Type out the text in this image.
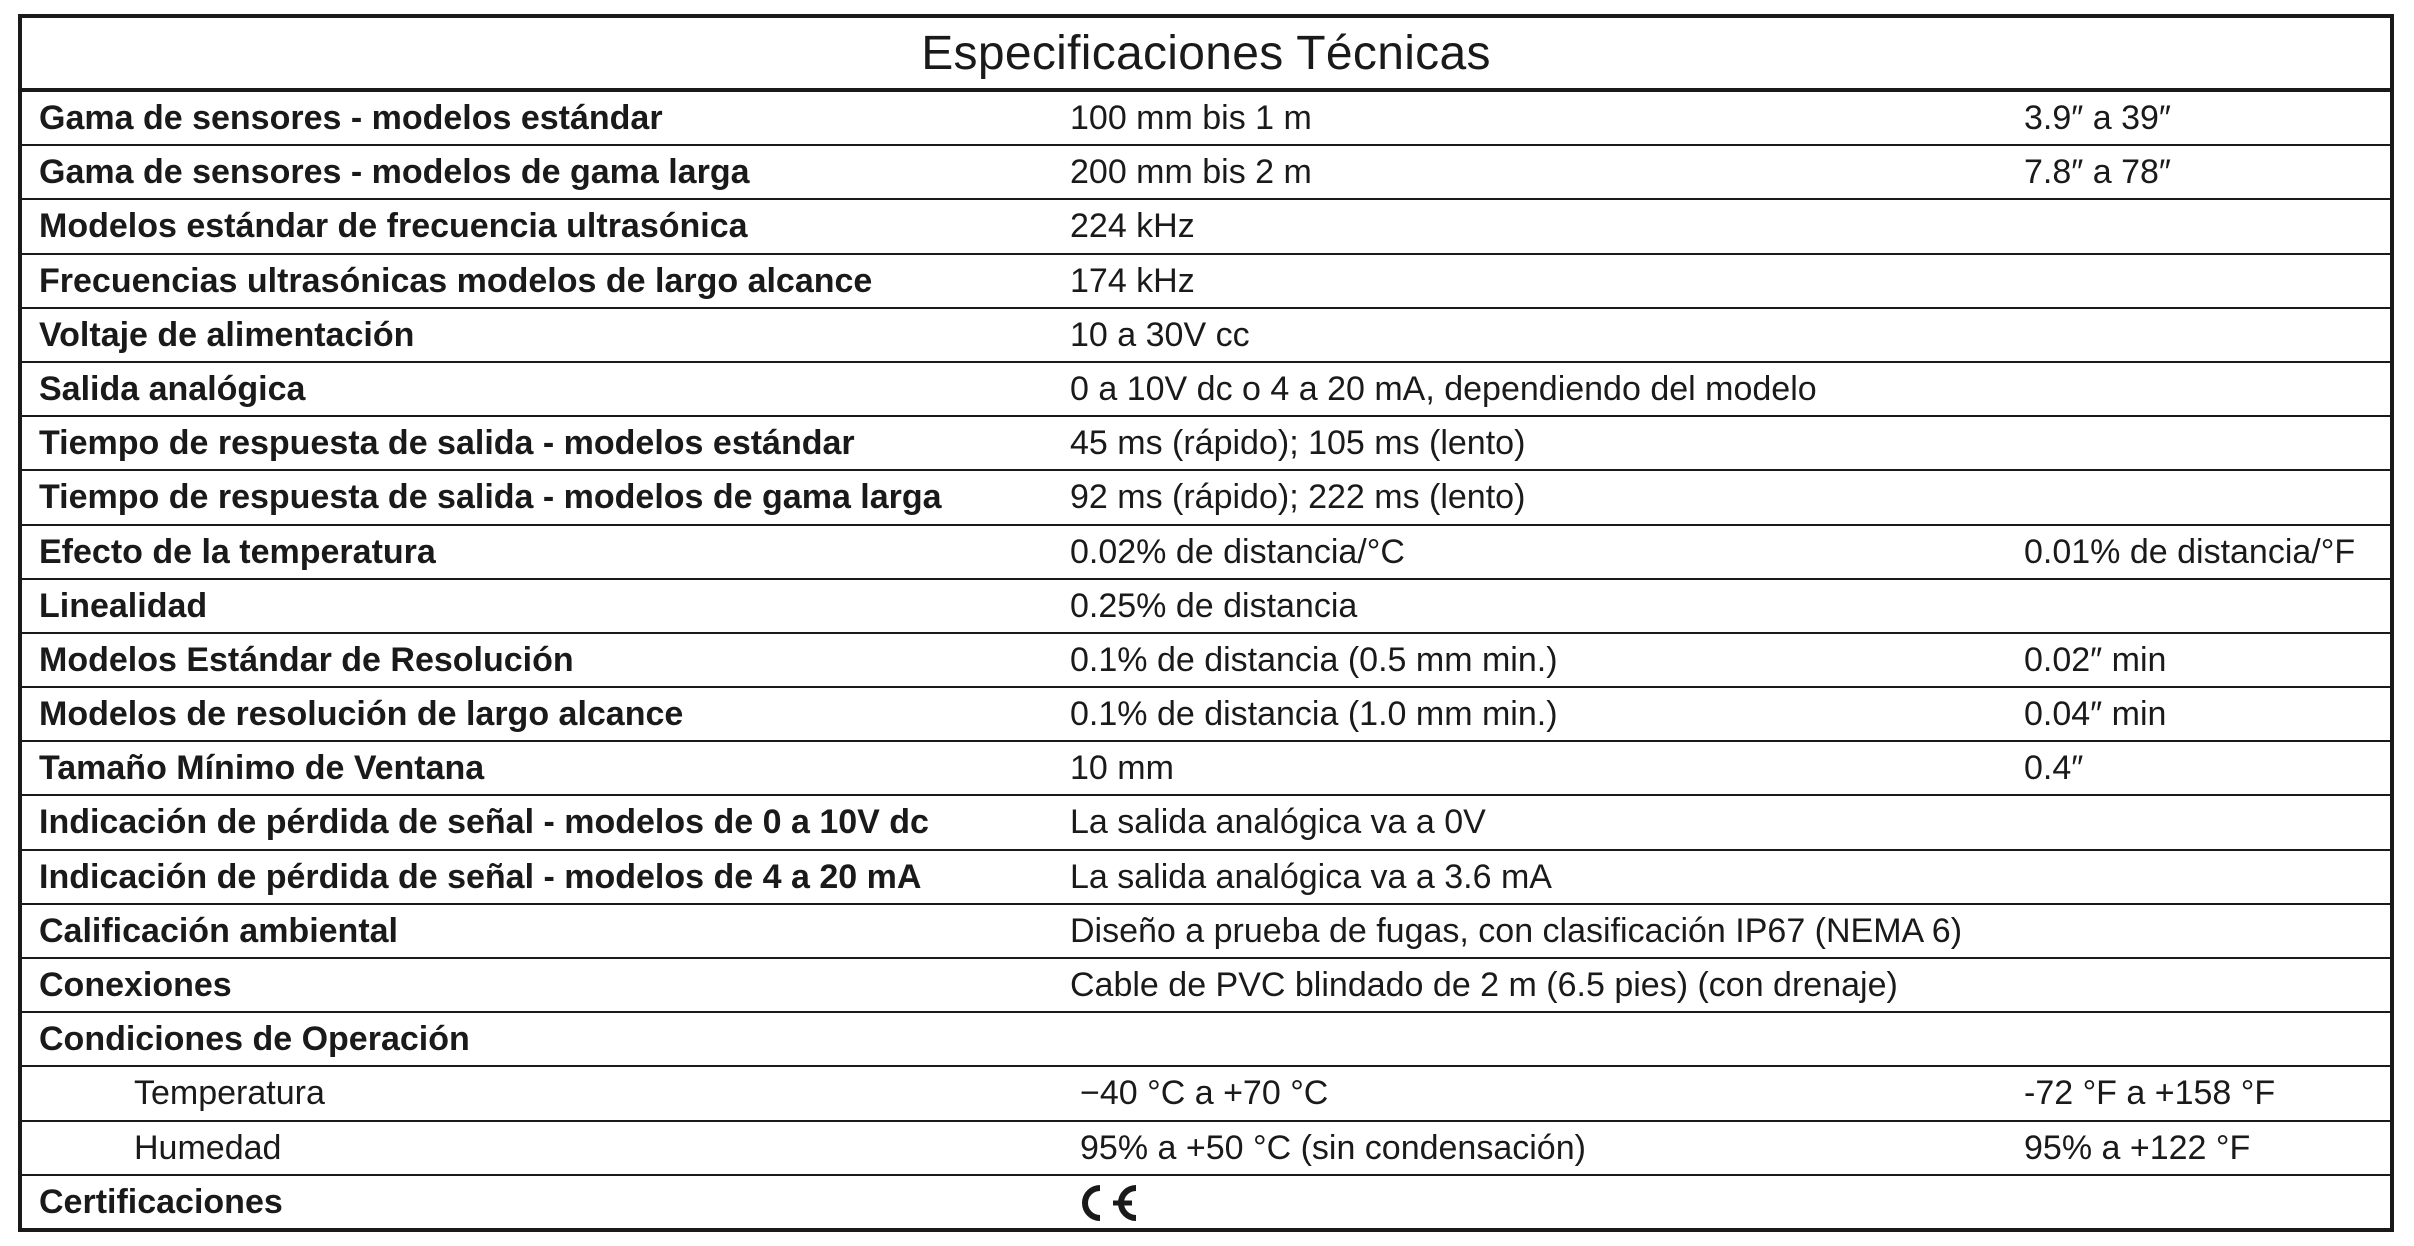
Especificaciones Técnicas
Gama de sensores - modelos estándar	100 mm bis 1 m	3.9″ a 39″
Gama de sensores - modelos de gama larga	200 mm bis 2 m	7.8″ a 78″
Modelos estándar de frecuencia ultrasónica	224 kHz
Frecuencias ultrasónicas modelos de largo alcance	174 kHz
Voltaje de alimentación	10 a 30V cc
Salida analógica	0 a 10V dc o 4 a 20 mA, dependiendo del modelo
Tiempo de respuesta de salida - modelos estándar	45 ms (rápido); 105 ms (lento)
Tiempo de respuesta de salida - modelos de gama larga	92 ms (rápido); 222 ms (lento)
Efecto de la temperatura	0.02% de distancia/°C	0.01% de distancia/°F
Linealidad	0.25% de distancia
Modelos Estándar de Resolución	0.1% de distancia (0.5 mm min.)	0.02″ min
Modelos de resolución de largo alcance	0.1% de distancia (1.0 mm min.)	0.04″ min
Tamaño Mínimo de Ventana	10 mm	0.4″
Indicación de pérdida de señal - modelos de 0 a 10V dc	La salida analógica va a 0V
Indicación de pérdida de señal - modelos de 4 a 20 mA	La salida analógica va a 3.6 mA
Calificación ambiental	Diseño a prueba de fugas, con clasificación IP67 (NEMA 6)
Conexiones	Cable de PVC blindado de 2 m (6.5 pies) (con drenaje)
Condiciones de Operación
Temperatura	−40 °C a +70 °C	-72 °F a +158 °F
Humedad	95% a +50 °C (sin condensación)	95% a +122 °F
Certificaciones
